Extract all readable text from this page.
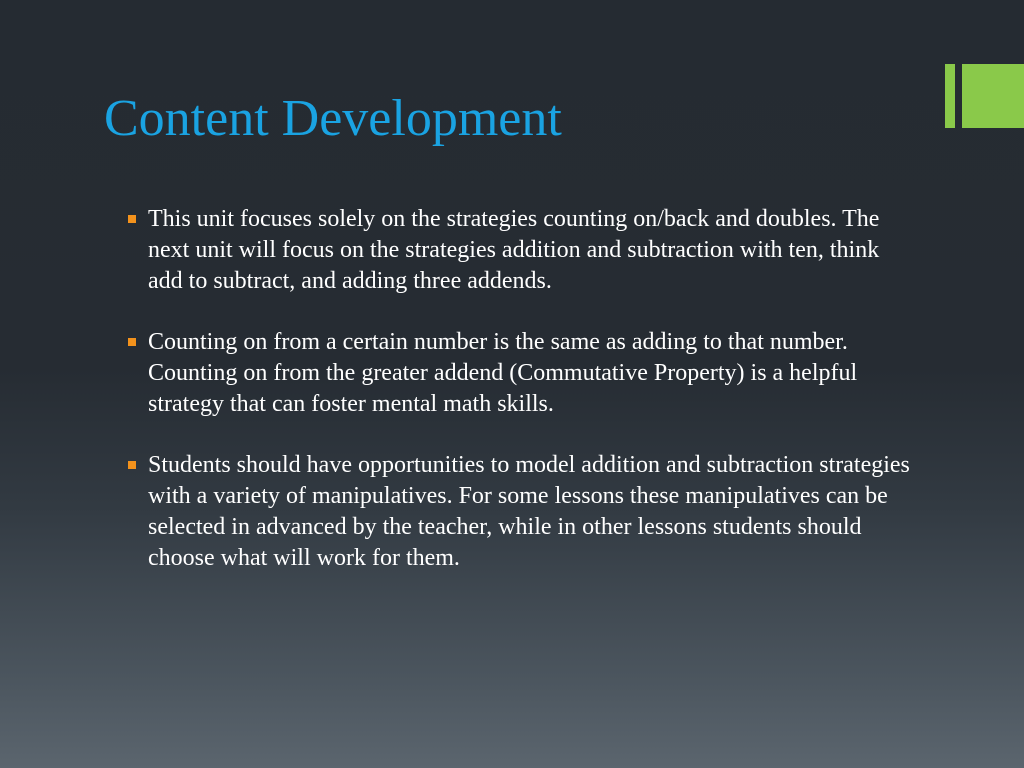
Content Development
This unit focuses solely on the strategies counting on/back and doubles. The next unit will focus on the strategies addition and subtraction with ten, think add to subtract, and adding three addends.
Counting on from a certain number is the same as adding to that number. Counting on from the greater addend (Commutative Property) is a helpful strategy that can foster mental math skills.
Students should have opportunities to model addition and subtraction strategies with a variety of manipulatives. For some lessons these manipulatives can be selected in advanced by the teacher, while in other lessons students should choose what will work for them.
